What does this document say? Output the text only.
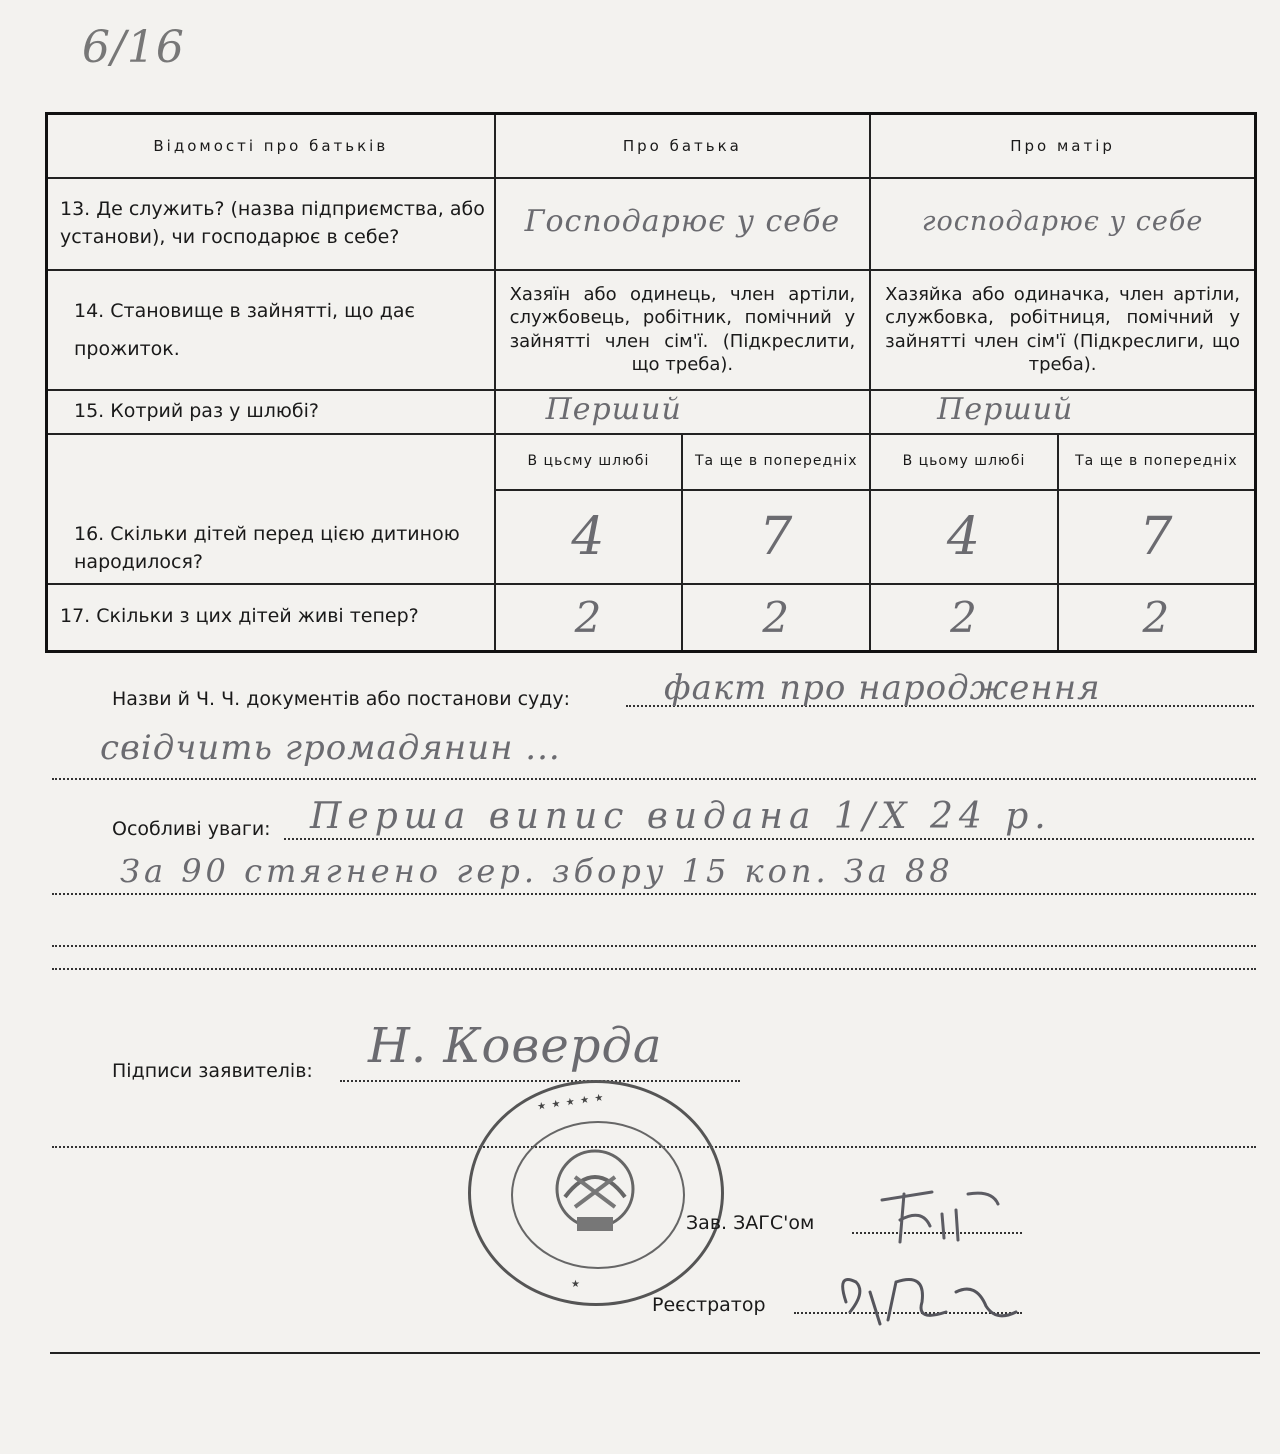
6/16
Відомості про батьків	Про батька		Про матір	
13. Де служить? (назва підприємства, або установи), чи господарює в себе?	Господарює у себе		господарює у себе	

14. Становище в зайнятті, що дає прожиток.	Хазяїн або одинець, член артіли, службовець, робітник, помічний у зайнятті член сім'ї. (Підкреслити, що треба).		Хазяйка або одиначка, член артіли, службовка, робітниця, помічний у зайнятті член сім'ї (Підкреслиги, що треба).	
15. Котрий раз у шлюбі?	Перший		Перший	

16. Скільки дітей перед цією дитиною народилося?	В цьсму шлюбі	Та ще в попередніх	В цьому шлюбі	Та ще в попередніх
	4	7	4	7
17. Скільки з цих дітей живі тепер?	2	2	2	2
Назви й Ч. Ч. документів або постанови суду:	факт про народження
свідчить громадянин ...
Особливі уваги: Перша випис видана 1/X 24 р.
За 90 стягнено гер. збору 15 коп. За 88
Підписи заявителів: Н. Коверда
★ ★ ★ ★ ★
★
Зав. ЗАГС'ом
Реєстратор
